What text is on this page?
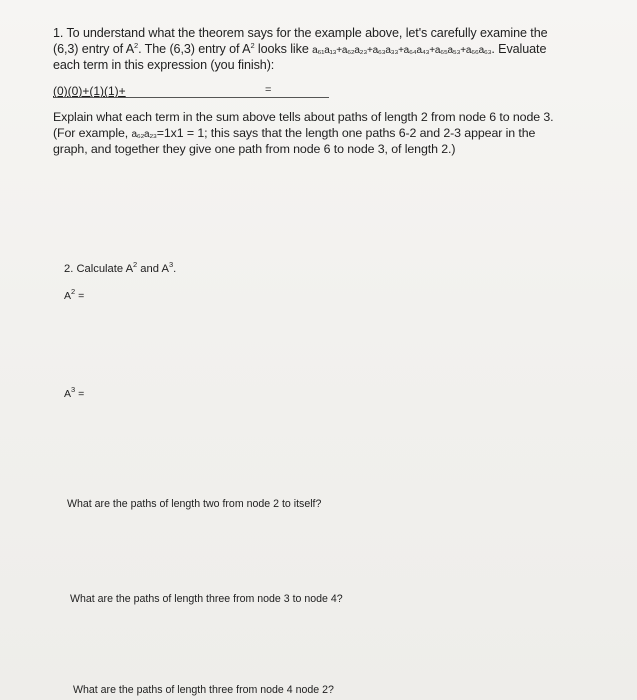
1. To understand what the theorem says for the example above, let's carefully examine the (6,3) entry of $A^2$. The (6,3) entry of $A^2$ looks like a₆₁a₁₃+a₆₂a₂₃+a₆₃a₃₃+a₆₄a₄₃+a₆₅a₅₃+a₆₆a₆₃. Evaluate each term in this expression (you finish):

(0)(0)+(1)(1)+	=

Explain what each term in the sum above tells about paths of length 2 from node 6 to node 3. (For example, a₆₂a₂₃=1x1 = 1; this says that the length one paths 6-2 and 2-3 appear in the graph, and together they give one path from node 6 to node 3, of length 2.)

2. Calculate $A^2$ and $A^3$.
$A^2$ =
$A^3$ =
What are the paths of length two from node 2 to itself?
What are the paths of length three from node 3 to node 4?
What are the paths of length three from node 4 node 2?
